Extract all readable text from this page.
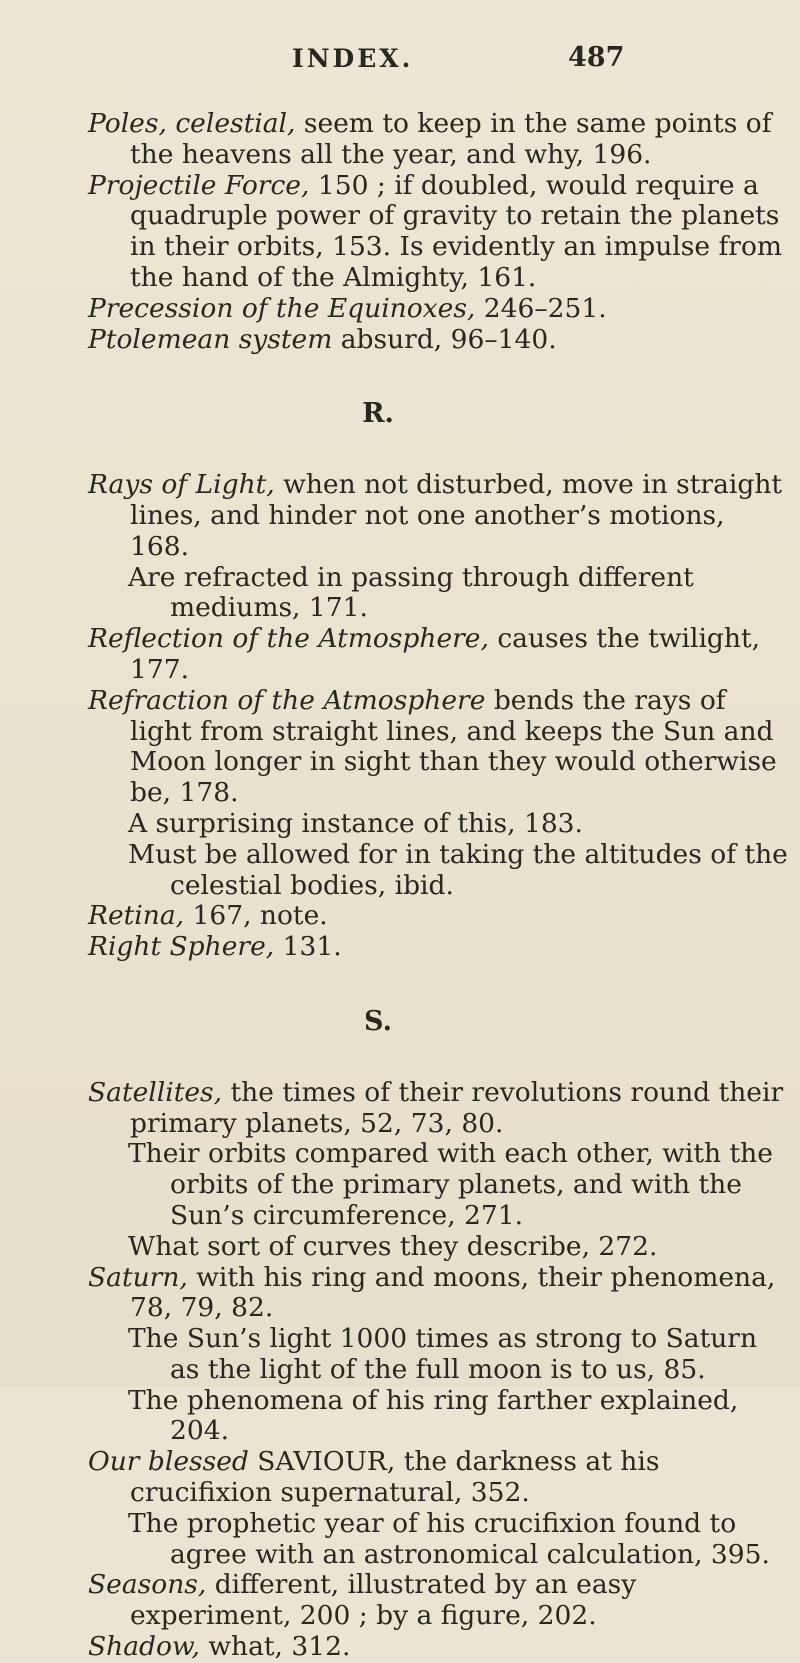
INDEX.	487

Poles, celestial, seem to keep in the same points of the heavens all the year, and why, 196.

Projectile Force, 150 ; if doubled, would require a quadruple power of gravity to retain the planets in their orbits, 153. Is evidently an impulse from the hand of the Almighty, 161.

Precession of the Equinoxes, 246–251.

Ptolemean system absurd, 96–140.

R.

Rays of Light, when not disturbed, move in straight lines, and hinder not one another’s motions, 168.

Are refracted in passing through different mediums, 171.

Reflection of the Atmosphere, causes the twilight, 177.

Refraction of the Atmosphere bends the rays of light from straight lines, and keeps the Sun and Moon longer in sight than they would otherwise be, 178.

A surprising instance of this, 183.

Must be allowed for in taking the altitudes of the celestial bodies, ibid.

Retina, 167, note.

Right Sphere, 131.

S.

Satellites, the times of their revolutions round their primary planets, 52, 73, 80.

Their orbits compared with each other, with the orbits of the primary planets, and with the Sun’s circumference, 271.

What sort of curves they describe, 272.

Saturn, with his ring and moons, their phenomena, 78, 79, 82.

The Sun’s light 1000 times as strong to Saturn as the light of the full moon is to us, 85.

The phenomena of his ring farther explained, 204.

Our blessed SAVIOUR, the darkness at his crucifixion supernatural, 352.

The prophetic year of his crucifixion found to agree with an astronomical calculation, 395.

Seasons, different, illustrated by an easy experiment, 200 ; by a figure, 202.

Shadow, what, 312.
